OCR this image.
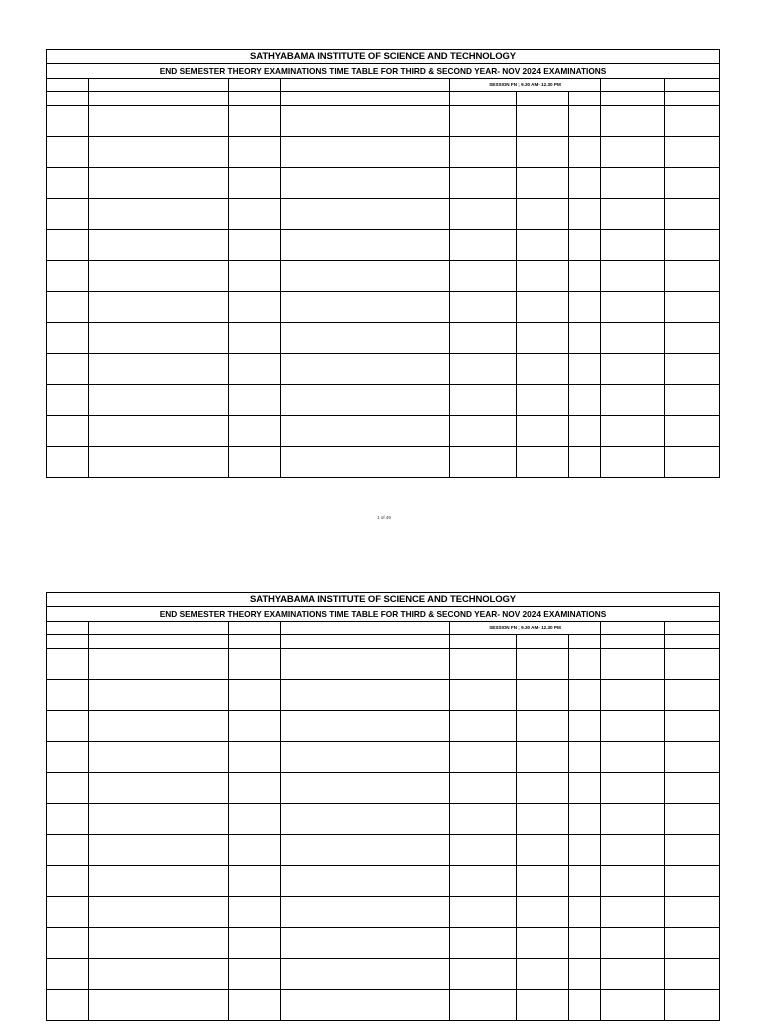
SATHYABAMA INSTITUTE OF SCIENCE AND TECHNOLOGY								
END SEMESTER THEORY EXAMINATIONS TIME TABLE FOR THIRD & SECOND YEAR- NOV 2024 EXAMINATIONS								
				SESSION FN ; 9.30 AM- 12.30 PM				

1 of 49
SATHYABAMA INSTITUTE OF SCIENCE AND TECHNOLOGY								
END SEMESTER THEORY EXAMINATIONS TIME TABLE FOR THIRD & SECOND YEAR- NOV 2024 EXAMINATIONS								
				SESSION FN ; 9.30 AM- 12.30 PM				
